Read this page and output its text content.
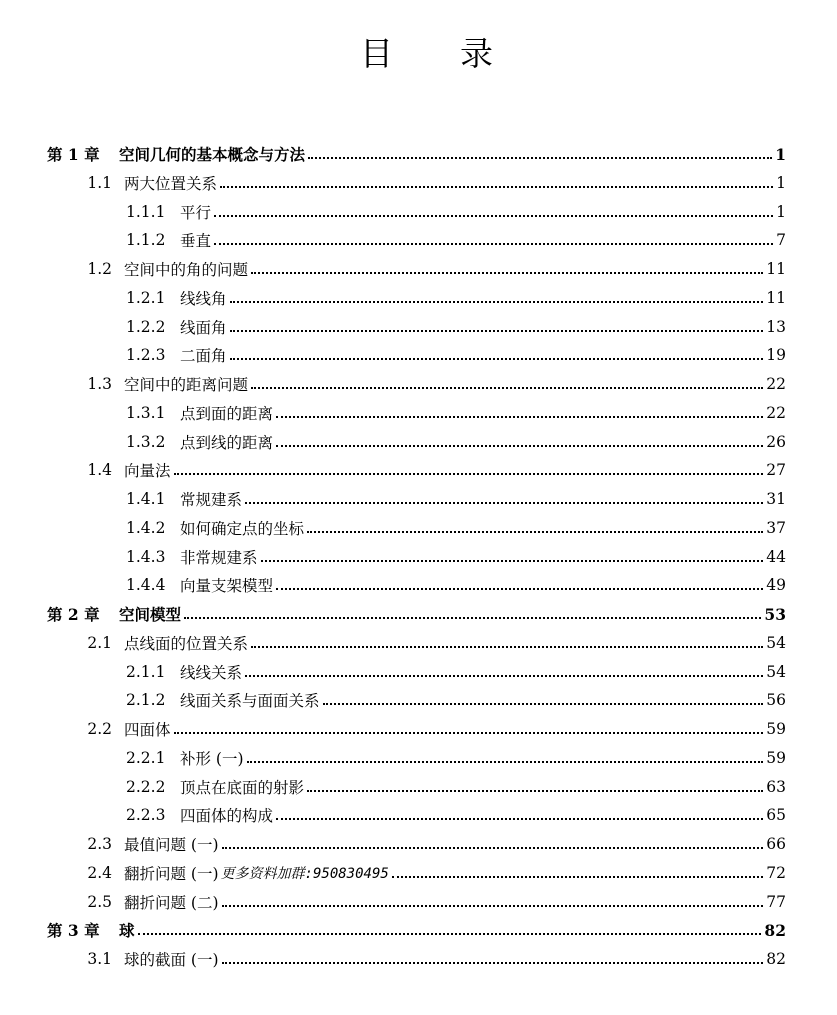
目 录
第 1 章	空间几何的基本概念与方法	1
1.1 两大位置关系	1
1.1.1 平行	1
1.1.2 垂直	7
1.2 空间中的角的问题	11
1.2.1 线线角	11
1.2.2 线面角	13
1.2.3 二面角	19
1.3 空间中的距离问题	22
1.3.1 点到面的距离	22
1.3.2 点到线的距离	26
1.4 向量法	27
1.4.1 常规建系	31
1.4.2 如何确定点的坐标	37
1.4.3 非常规建系	44
1.4.4 向量支架模型	49
第 2 章	空间模型	53
2.1 点线面的位置关系	54
2.1.1 线线关系	54
2.1.2 线面关系与面面关系	56
2.2 四面体	59
2.2.1 补形 (一)	59
2.2.2 顶点在底面的射影	63
2.2.3 四面体的构成	65
2.3 最值问题 (一)	66
2.4 翻折问题 (一) 更多资料加群:950830495	72
2.5 翻折问题 (二)	77
第 3 章	球	82
3.1 球的截面 (一)	82
